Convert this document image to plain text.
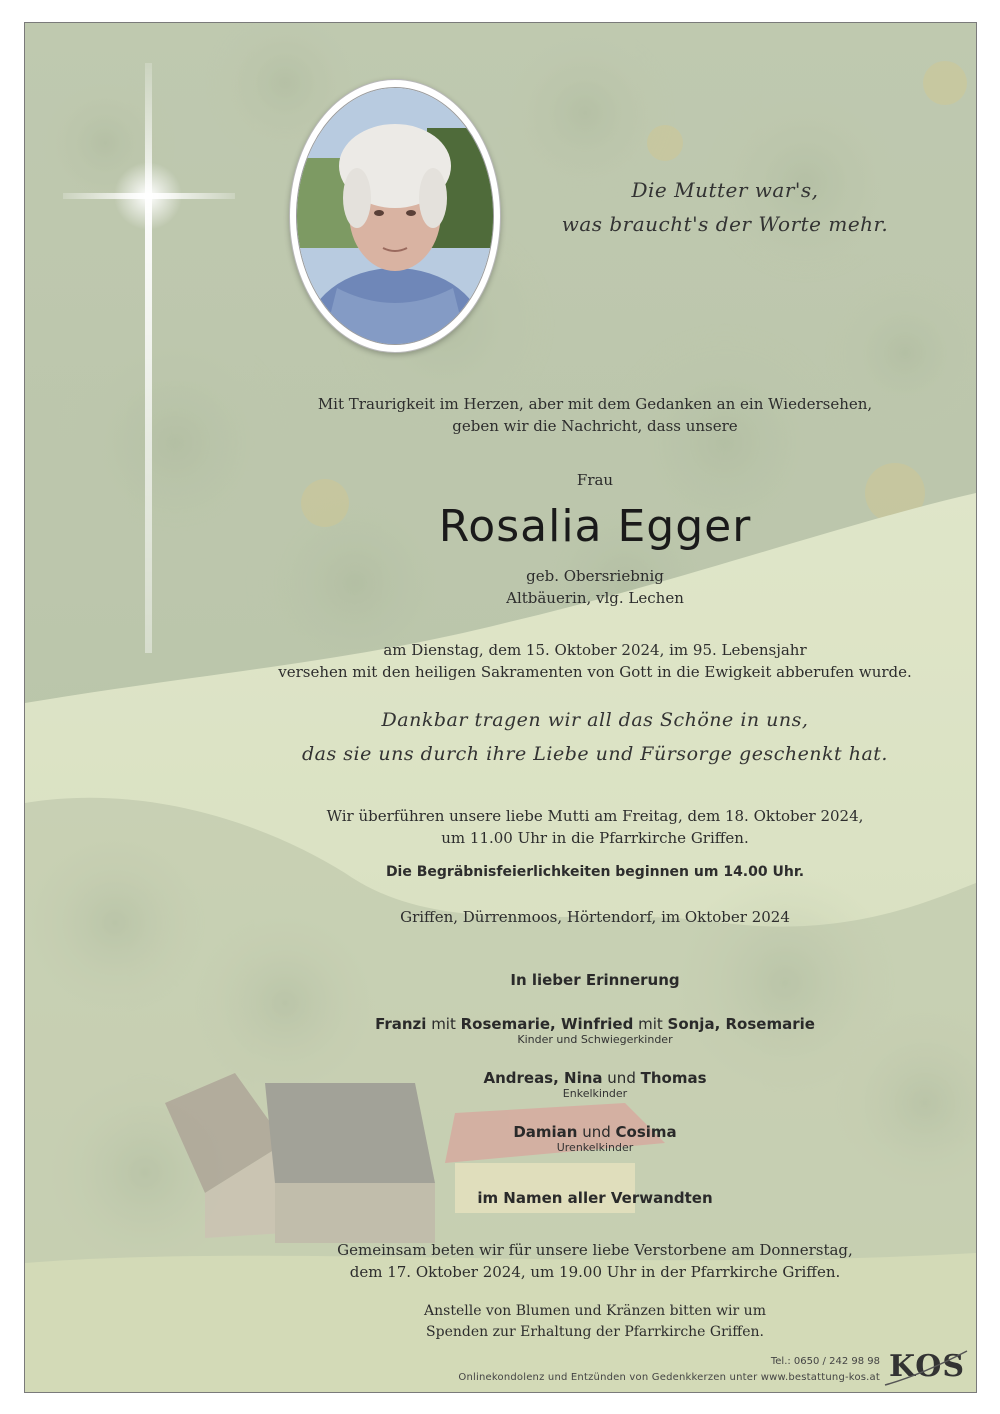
Die Mutter war's,
was braucht's der Worte mehr.
Mit Traurigkeit im Herzen, aber mit dem Gedanken an ein Wiedersehen,
geben wir die Nachricht, dass unsere
Frau
Rosalia Egger
geb. Obersriebnig
Altbäuerin, vlg. Lechen
am Dienstag, dem 15. Oktober 2024, im 95. Lebensjahr
versehen mit den heiligen Sakramenten von Gott in die Ewigkeit abberufen wurde.
Dankbar tragen wir all das Schöne in uns,
das sie uns durch ihre Liebe und Fürsorge geschenkt hat.
Wir überführen unsere liebe Mutti am Freitag, dem 18. Oktober 2024,
um 11.00 Uhr in die Pfarrkirche Griffen.
Die Begräbnisfeierlichkeiten beginnen um 14.00 Uhr.
Griffen, Dürrenmoos, Hörtendorf, im Oktober 2024
In lieber Erinnerung
Franzi mit Rosemarie, Winfried mit Sonja, Rosemarie
Kinder und Schwiegerkinder
Andreas, Nina und Thomas
Enkelkinder
Damian und Cosima
Urenkelkinder
im Namen aller Verwandten
Gemeinsam beten wir für unsere liebe Verstorbene am Donnerstag,
dem 17. Oktober 2024, um 19.00 Uhr in der Pfarrkirche Griffen.
Anstelle von Blumen und Kränzen bitten wir um
Spenden zur Erhaltung der Pfarrkirche Griffen.
Tel.: 0650 / 242 98 98
Onlinekondolenz und Entzünden von Gedenkkerzen unter www.bestattung-kos.at KOS
